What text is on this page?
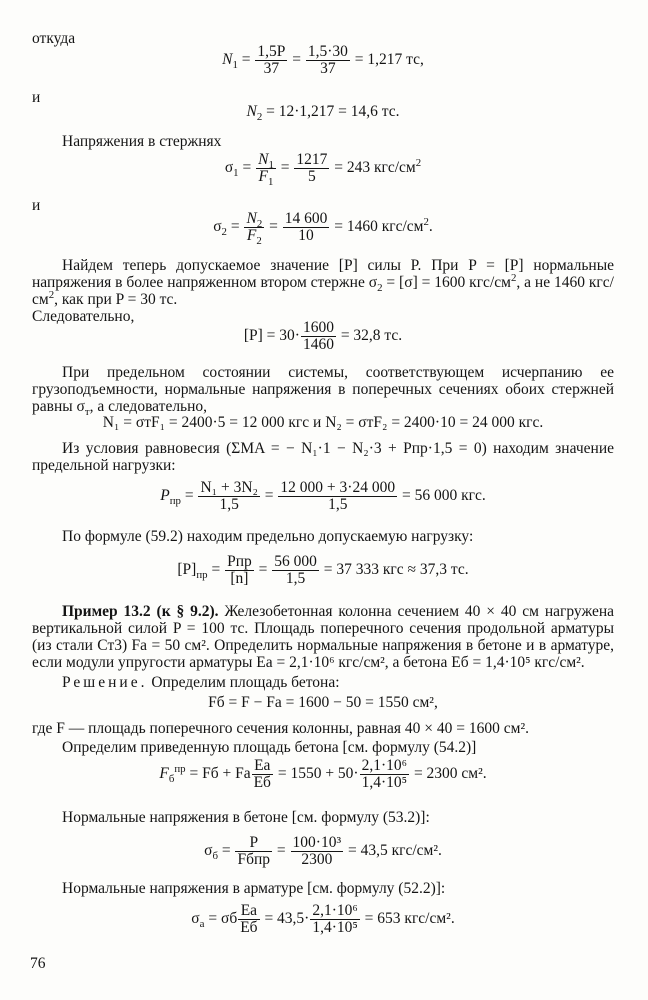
откуда
$N_1 = \frac{1,5P}{37} = \frac{1,5\cdot 30}{37} = 1,217$ тс,
и
$N_2 = 12\cdot 1,217 = 14,6$ тс.
Напряжения в стержнях
$\sigma_1 = \frac{N_1}{F_1} = \frac{1217}{5} = 243$ кгс/$см^2$
и
$\sigma_2 = \frac{N_2}{F_2} = \frac{14 600}{10} = 1460$ кгс/$см^2$.
Найдем теперь допускаемое значение [P] силы P. При P = [P] нормальные напряжения в более напряженном втором стержне $\sigma_2 = [\sigma] = 1600$ кгс/$см^2$, а не 1460 кгс/$см^2$, как при P = 30 тс.
Следовательно,
$[P] = 30\cdot \frac{1600}{1460} = 32,8$ тс.
При предельном состоянии системы, соответствующем исчерпанию ее грузоподъемности, нормальные напряжения в поперечных сечениях обоих стержней равны $\sigma_т$, а следовательно,
N₁ = σтF₁ = 2400·5 = 12 000 кгс и N₂ = σтF₂ = 2400·10 = 24 000 кгс.
Из условия равновесия (ΣMA = − N₁·1 − N₂·3 + Pпр·1,5 = 0) находим значение предельной нагрузки:
$P_{пр} = \frac{\text{N₁ + 3N₂}}{1,5} = \frac{12 000 + 3\cdot 24 000}{1,5} = 56$ 000 кгс.
По формуле (59.2) находим предельно допускаемую нагрузку:
$[P]_{пр} = \frac{\text{Pпр}}{[n]} = \frac{56 000}{1,5} = 37$ 333 кгс ≈ 37,3 тс.
Пример 13.2 (к § 9.2). Железобетонная колонна сечением 40 × 40 см нагружена вертикальной силой P = 100 тс. Площадь поперечного сечения продольной арматуры (из стали Ст3) Fа = 50 см². Определить нормальные напряжения в бетоне и в арматуре, если модули упругости арматуры Eа = 2,1·10⁶ кгс/см², а бетона Eб = 1,4·10⁵ кгс/см².
Решение. Определим площадь бетона:
Fб = F − Fа = 1600 − 50 = 1550 см²,
где F — площадь поперечного сечения колонны, равная 40 × 40 = 1600 см².
Определим приведенную площадь бетона [см. формулу (54.2)]
$F_б^{пр}$ = Fб + Fа $\frac{Eа}{Eб} = 1550 + 50\cdot \frac{\text{2,1·10⁶}}{\text{1,4·10⁵}} = 2300$ см².
Нормальные напряжения в бетоне [см. формулу (53.2)]:
$\sigma_б = \frac{P}{\text{Fбпр}} = \frac{\text{100·10³}}{2300} = 43,5$ кгс/см².
Нормальные напряжения в арматуре [см. формулу (52.2)]:
$\sigma_а = \sigma б \frac{Eа}{Eб} = 43,5\cdot \frac{\text{2,1·10⁶}}{\text{1,4·10⁵}} = 653$ кгс/см².
76
